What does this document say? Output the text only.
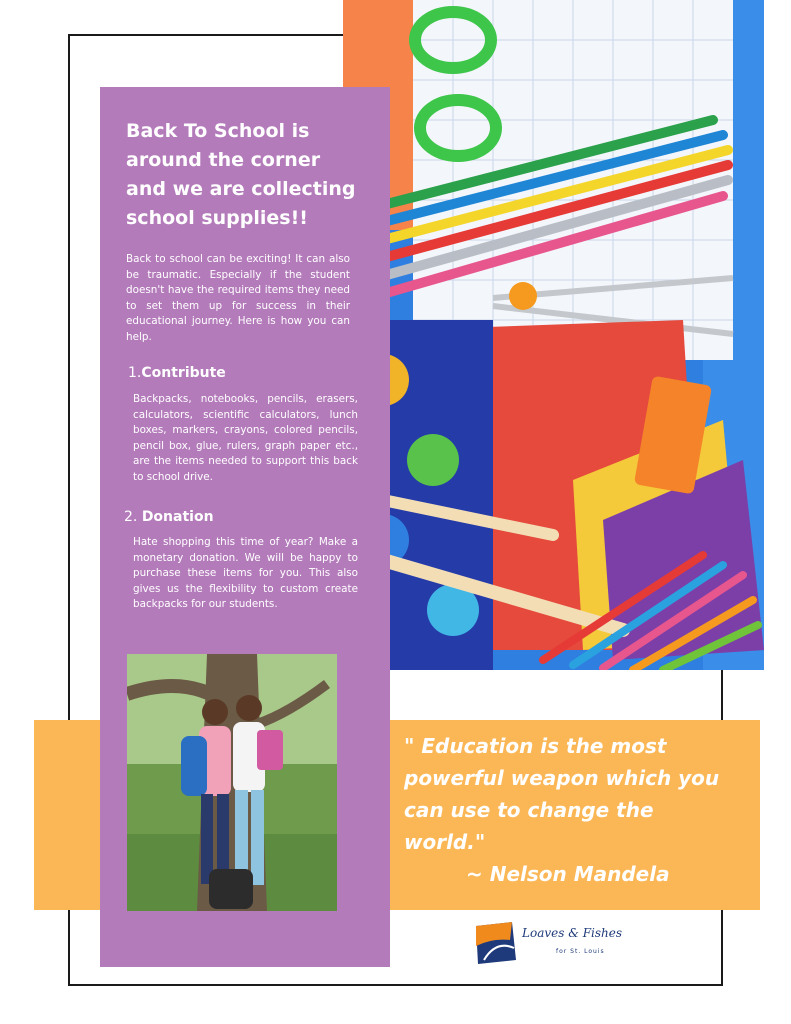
Back To School is around the corner and we are collecting school supplies!!

Back to school can be exciting! It can also be traumatic. Especially if the student doesn't have the required items they need to set them up for success in their educational journey. Here is how you can help.

1.Contribute

Backpacks, notebooks, pencils, erasers, calculators, scientific calculators, lunch boxes, markers, crayons, colored pencils, pencil box, glue, rulers, graph paper etc., are the items needed to support this back to school drive.

2. Donation

Hate shopping this time of year? Make a monetary donation. We will be happy to purchase these items for you. This also gives us the flexibility to custom create backpacks for our students.

" Education is the most powerful weapon which you can use to change the world."

~ Nelson Mandela

Loaves & Fishes
for St. Louis
